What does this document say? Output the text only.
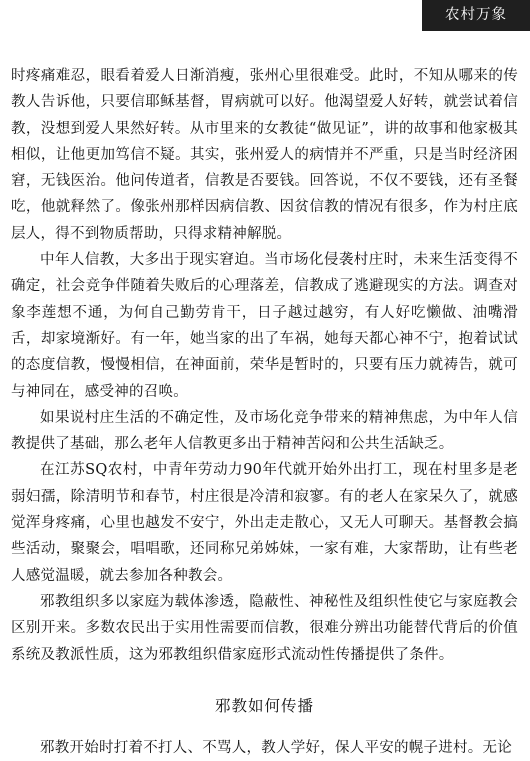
农村万象

时疼痛难忍，眼看着爱人日渐消瘦，张州心里很难受。此时，不知从哪来的传教人告诉他，只要信耶稣基督，胃病就可以好。他渴望爱人好转，就尝试着信教，没想到爱人果然好转。从市里来的女教徒“做见证”，讲的故事和他家极其相似，让他更加笃信不疑。其实，张州爱人的病情并不严重，只是当时经济困窘，无钱医治。他问传道者，信教是否要钱。回答说，不仅不要钱，还有圣餐吃，他就释然了。像张州那样因病信教、因贫信教的情况有很多，作为村庄底层人，得不到物质帮助，只得求精神解脱。

中年人信教，大多出于现实窘迫。当市场化侵袭村庄时，未来生活变得不确定，社会竞争伴随着失败后的心理落差，信教成了逃避现实的方法。调查对象李莲想不通，为何自己勤劳肯干，日子越过越穷，有人好吃懒做、油嘴滑舌，却家境渐好。有一年，她当家的出了车祸，她每天都心神不宁，抱着试试的态度信教，慢慢相信，在神面前，荣华是暂时的，只要有压力就祷告，就可与神同在，感受神的召唤。

如果说村庄生活的不确定性，及市场化竞争带来的精神焦虑，为中年人信教提供了基础，那么老年人信教更多出于精神苦闷和公共生活缺乏。

在江苏SQ农村，中青年劳动力90年代就开始外出打工，现在村里多是老弱妇孺，除清明节和春节，村庄很是冷清和寂寥。有的老人在家呆久了，就感觉浑身疼痛，心里也越发不安宁，外出走走散心，又无人可聊天。基督教会搞些活动，聚聚会，唱唱歌，还同称兄弟姊妹，一家有难，大家帮助，让有些老人感觉温暖，就去参加各种教会。

邪教组织多以家庭为载体渗透，隐蔽性、神秘性及组织性使它与家庭教会区别开来。多数农民出于实用性需要而信教，很难分辨出功能替代背后的价值系统及教派性质，这为邪教组织借家庭形式流动性传播提供了条件。

邪教如何传播

邪教开始时打着不打人、不骂人，教人学好，保人平安的幌子进村。无论
